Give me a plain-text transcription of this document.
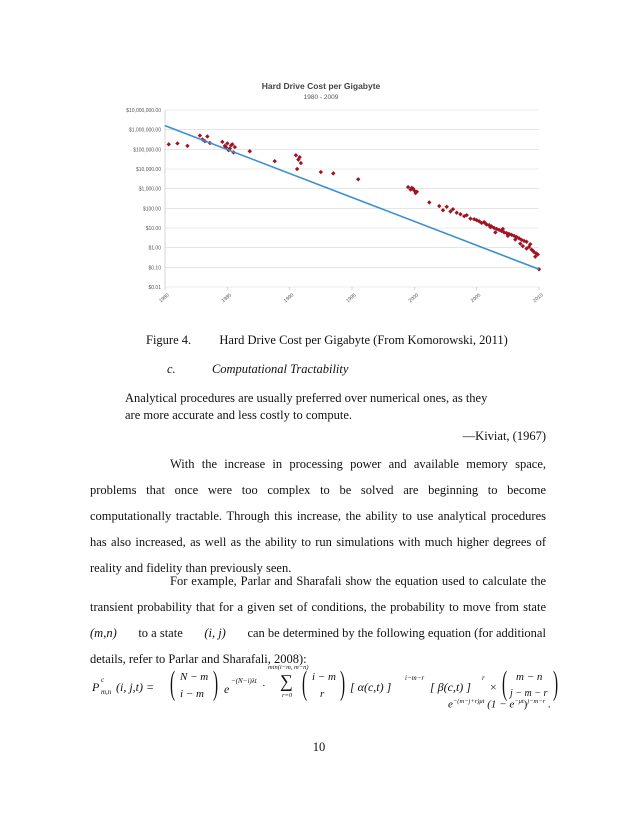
Hard Drive Cost per Gigabyte
1980 - 2009
$10,000,000.00
$1,000,000.00
$100,000.00
$10,000.00
$1,000.00
$100.00
$10.00
$1.00
$0.10
$0.01
1980	1985	1990	1995	2000	2005	2010
Figure 4. Hard Drive Cost per Gigabyte (From Komorowski, 2011)
c.	Computational Tractability
Analytical procedures are usually preferred over numerical ones, as they
are more accurate and less costly to compute.
—Kiviat, (1967)
With the increase in processing power and available memory space,
problems that once were too complex to be solved are beginning to become
computationally tractable. Through this increase, the ability to use analytical procedures
has also increased, as well as the ability to run simulations with much higher degrees of
reality and fidelity than previously seen.
For example, Parlar and Sharafali show the equation used to calculate the
transient probability that for a given set of conditions, the probability to move from state
(m,n) to a state (i, j) can be determined by the following equation (for additional
details, refer to Parlar and Sharafali, 2008):
P c
m,n (i, j,t) = ( N − m
i − m ) e
−(N−i)λt ·
min(i−m, m−n)
∑
r=0 ( i − m
r ) [ α(c,t) ]
i−m−r
[ β(c,t) ]
r
× ( m − n
j − m − r )
$e^{-(m-j+r)\mu t}$ $(1 - e^{-\mu t})^{j-m-r}$ .
10
